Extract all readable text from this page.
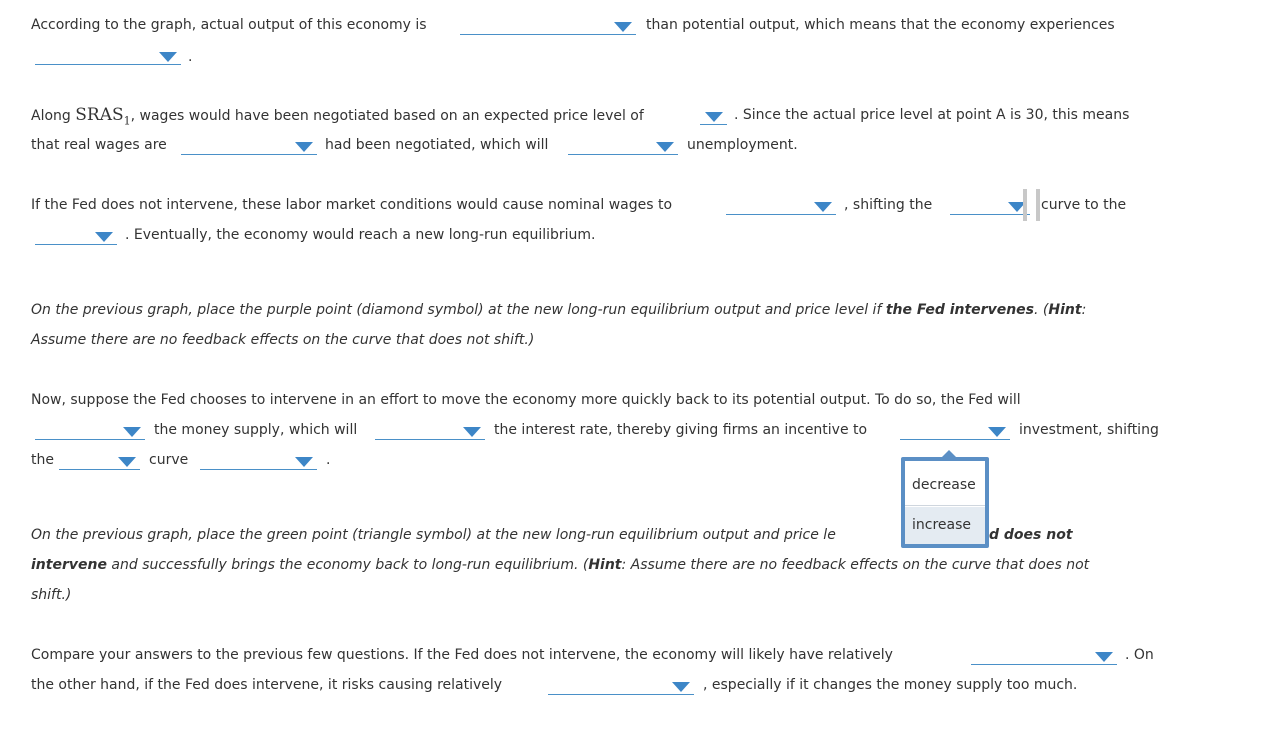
According to the graph, actual output of this economy is	than potential output, which means that the economy experiences
.
Along $SRAS_1$, wages would have been negotiated based on an expected price level of	. Since the actual price level at point A is 30, this means
that real wages are	had been negotiated, which will	unemployment.
If the Fed does not intervene, these labor market conditions would cause nominal wages to	, shifting the	curve to the
. Eventually, the economy would reach a new long-run equilibrium.
On the previous graph, place the purple point (diamond symbol) at the new long-run equilibrium output and price level if the Fed intervenes. (Hint:
Assume there are no feedback effects on the curve that does not shift.)
Now, suppose the Fed chooses to intervene in an effort to move the economy more quickly back to its potential output. To do so, the Fed will
the money supply, which will	the interest rate, thereby giving firms an incentive to	investment, shifting
the	curve	.
On the previous graph, place the green point (triangle symbol) at the new long-run equilibrium output and price le	d does not
intervene and successfully brings the economy back to long-run equilibrium. (Hint: Assume there are no feedback effects on the curve that does not
shift.)
Compare your answers to the previous few questions. If the Fed does not intervene, the economy will likely have relatively	. On
the other hand, if the Fed does intervene, it risks causing relatively	, especially if it changes the money supply too much.
decrease
increase
